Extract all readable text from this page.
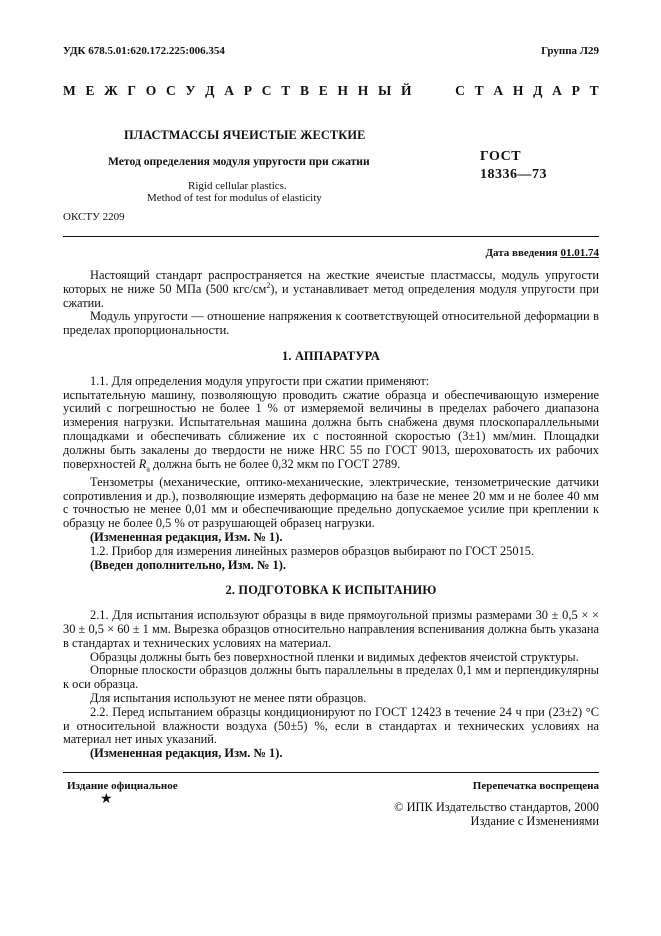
УДК 678.5.01:620.172.225:006.354	Группа Л29
М Е Ж Г О С У Д А Р С Т В Е Н Н Ы Й	С Т А Н Д А Р Т
ПЛАСТМАССЫ ЯЧЕИСТЫЕ ЖЕСТКИЕ
Метод определения модуля упругости при сжатии	ГОСТ
18336—73
Rigid cellular plastics.
Method of test for modulus of elasticity
ОКСТУ 2209
Дата введения 01.01.74

Настоящий стандарт распространяется на жесткие ячеистые пластмассы, модуль упругости которых не ниже 50 МПа (500 кгс/$см^2$), и устанавливает метод определения модуля упругости при сжатии.

Модуль упругости — отношение напряжения к соответствующей относительной деформации в пределах пропорциональности.

1. АППАРАТУРА

1.1. Для определения модуля упругости при сжатии применяют:

испытательную машину, позволяющую проводить сжатие образца и обеспечивающую измерение усилий с погрешностью не более 1 % от измеряемой величины в пределах рабочего диапазона измерения нагрузки. Испытательная машина должна быть снабжена двумя плоскопараллельными площадками и обеспечивать сближение их с постоянной скоростью (3±1) мм/мин. Площадки должны быть закалены до твердости не ниже HRC 55 по ГОСТ 9013, шероховатость их рабочих поверхностей $R_a$ должна быть не более 0,32 мкм по ГОСТ 2789.

Тензометры (механические, оптико-механические, электрические, тензометрические датчики сопротивления и др.), позволяющие измерять деформацию на базе не менее 20 мм и не более 40 мм с точностью не менее 0,01 мм и обеспечивающие предельно допускаемое усилие при креплении к образцу не более 0,5 % от разрушающей образец нагрузки.

(Измененная редакция, Изм. № 1).

1.2. Прибор для измерения линейных размеров образцов выбирают по ГОСТ 25015.

(Введен дополнительно, Изм. № 1).

2. ПОДГОТОВКА К ИСПЫТАНИЮ

2.1. Для испытания используют образцы в виде прямоугольной призмы размерами 30 ± 0,5 × × 30 ± 0,5 × 60 ± 1 мм. Вырезка образцов относительно направления вспенивания должна быть указана в стандартах и технических условиях на материал.

Образцы должны быть без поверхностной пленки и видимых дефектов ячеистой структуры.

Опорные плоскости образцов должны быть параллельны в пределах 0,1 мм и перпендикулярны к оси образца.

Для испытания используют не менее пяти образцов.

2.2. Перед испытанием образцы кондиционируют по ГОСТ 12423 в течение 24 ч при (23±2) °С и относительной влажности воздуха (50±5) %, если в стандартах и технических условиях на материал нет иных указаний.

(Измененная редакция, Изм. № 1).

Издание официальное
★
Перепечатка воспрещена
© ИПК Издательство стандартов, 2000
Издание с Изменениями
